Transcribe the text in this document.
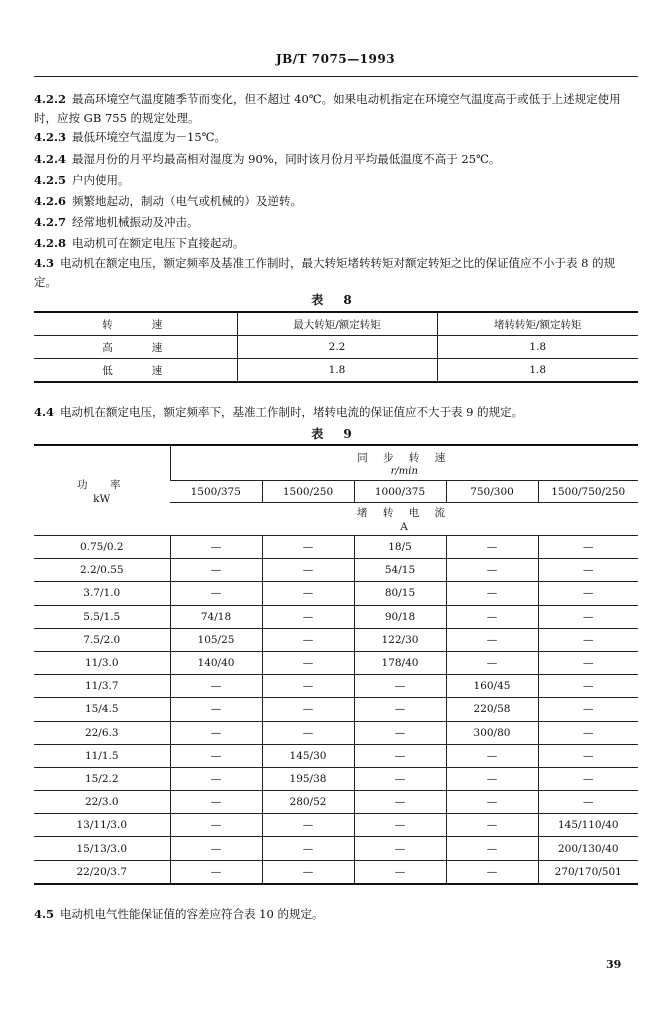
JB/T 7075—1993
4.2.2 最高环境空气温度随季节而变化，但不超过 40℃。如果电动机指定在环境空气温度高于或低于上述规定使用时，应按 GB 755 的规定处理。
4.2.3 最低环境空气温度为－15℃。
4.2.4 最湿月份的月平均最高相对湿度为 90%，同时该月份月平均最低温度不高于 25℃。
4.2.5 户内使用。
4.2.6 频繁地起动，制动（电气或机械的）及逆转。
4.2.7 经常地机械振动及冲击。
4.2.8 电动机可在额定电压下直接起动。
4.3 电动机在额定电压，额定频率及基准工作制时，最大转矩堵转转矩对额定转矩之比的保证值应不小于表 8 的规定。
表 8
转　　速	最大转矩/额定转矩	堵转转矩/额定转矩
高　　速	2.2	1.8
低　　速	1.8	1.8
4.4 电动机在额定电压，额定频率下，基准工作制时，堵转电流的保证值应不大于表 9 的规定。
表 9
功　率
kW	同 步 转 速
r/min				

	1500/375	1500/250	1000/375	750/300	1500/750/250
	堵 转 电 流
A				

0.75/0.2	—	—	18/5	—	—
2.2/0.55	—	—	54/15	—	—
3.7/1.0	—	—	80/15	—	—
5.5/1.5	74/18	—	90/18	—	—
7.5/2.0	105/25	—	122/30	—	—
11/3.0	140/40	—	178/40	—	—
11/3.7	—	—	—	160/45	—
15/4.5	—	—	—	220/58	—
22/6.3	—	—	—	300/80	—
11/1.5	—	145/30	—	—	—
15/2.2	—	195/38	—	—	—
22/3.0	—	280/52	—	—	—
13/11/3.0	—	—	—	—	145/110/40
15/13/3.0	—	—	—	—	200/130/40
22/20/3.7	—	—	—	—	270/170/501
4.5 电动机电气性能保证值的容差应符合表 10 的规定。
39
